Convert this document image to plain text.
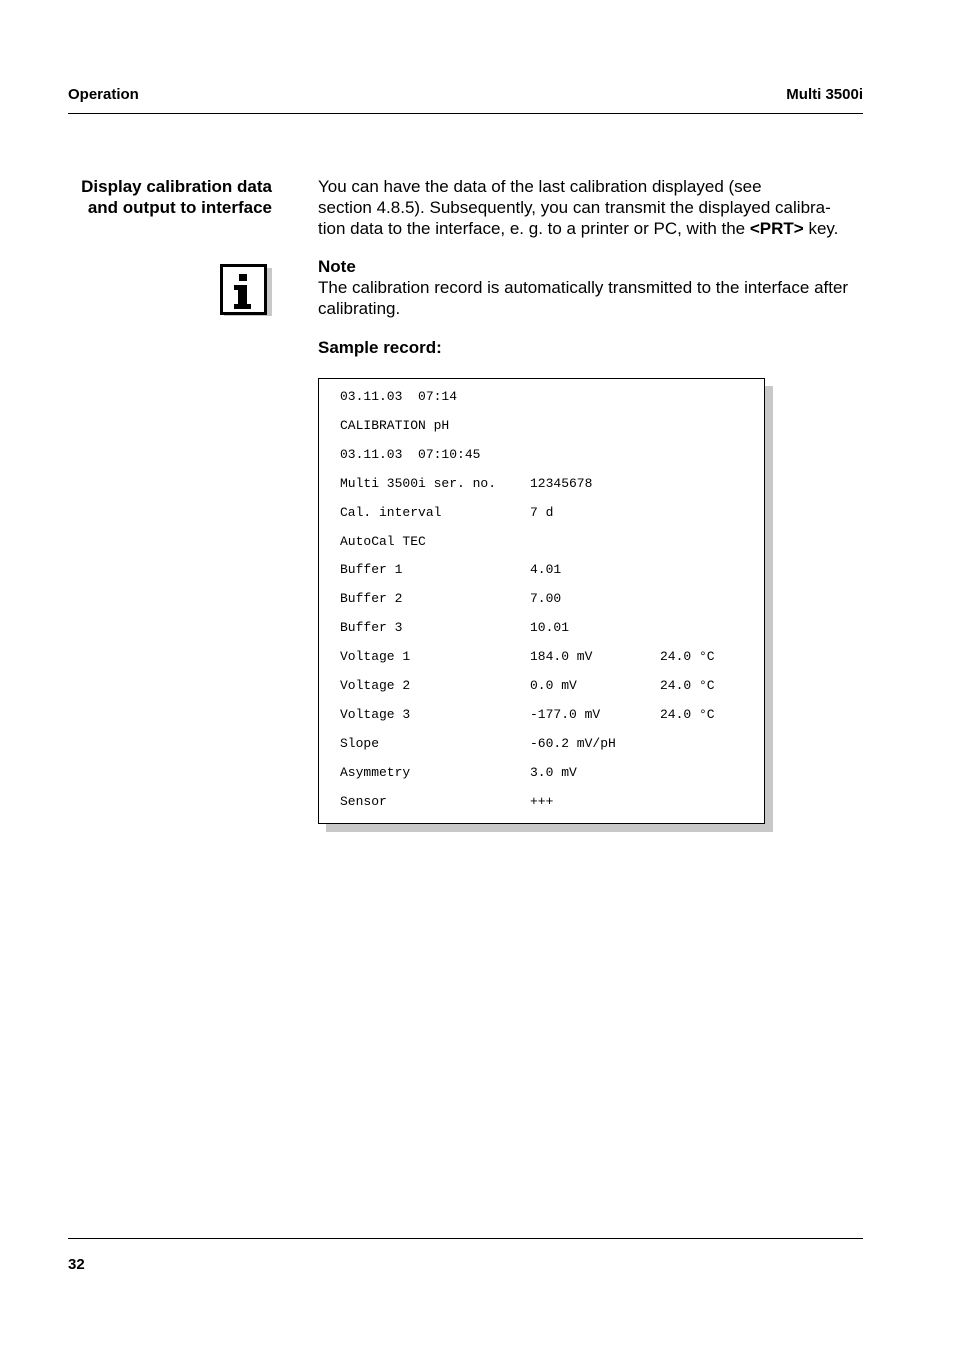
Operation	Multi 3500i
Display calibration data
and output to interface
You can have the data of the last calibration displayed (see
section 4.8.5). Subsequently, you can transmit the displayed calibra-
tion data to the interface, e. g. to a printer or PC, with the <PRT> key.
Note
The calibration record is automatically transmitted to the interface after
calibrating.
Sample record:
03.11.03  07:14
CALIBRATION pH
03.11.03  07:10:45
Multi 3500i ser. no.	12345678
Cal. interval	7 d
AutoCal TEC
Buffer 1	4.01
Buffer 2	7.00
Buffer 3	10.01
Voltage 1	184.0 mV	24.0 °C
Voltage 2	0.0 mV	24.0 °C
Voltage 3	-177.0 mV	24.0 °C
Slope	-60.2 mV/pH
Asymmetry	3.0 mV
Sensor	+++
32
